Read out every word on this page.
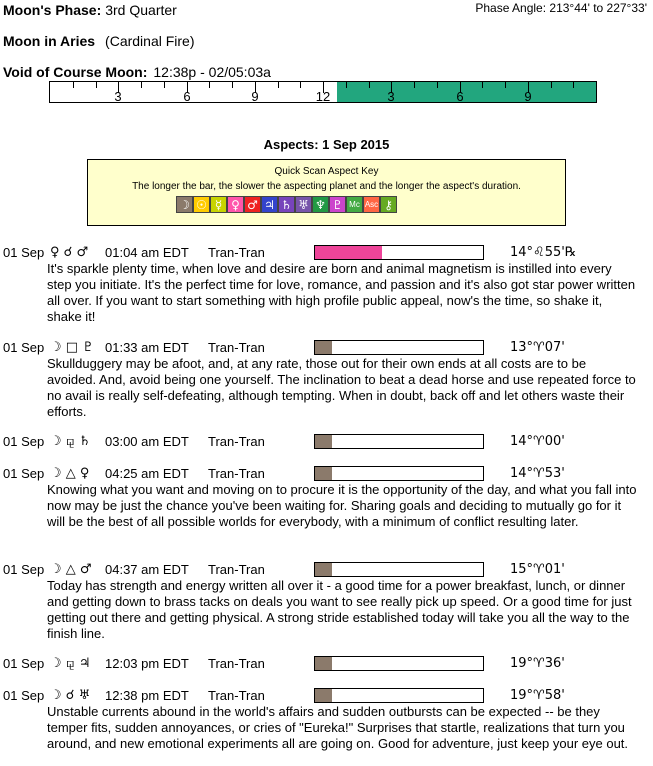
Moon's Phase: 3rd Quarter	Phase Angle: 213°44' to 227°33'
Moon in Aries (Cardinal Fire)
Void of Course Moon: 12:38p - 02/05:03a
3	6	9	12	3	6	9
Aspects: 1 Sep 2015
Quick Scan Aspect Key
The longer the bar, the slower the aspecting planet and the longer the aspect's duration.
☽ ☉ ☿ ♀ ♂ ♃ ♄ ♅ ♆ ♇ Mc Asc ⚷
01 Sep ♀ ☌ ♂ 01:04 am EDT Tran-Tran	14°♌55'℞
It's sparkle plenty time, when love and desire are born and animal magnetism is instilled into every step you initiate. It's the perfect time for love, romance, and passion and it's also got star power written all over. If you want to start something with high profile public appeal, now's the time, so shake it, shake it!
01 Sep ☽ □ ♇ 01:33 am EDT Tran-Tran	13°♈07'
Skullduggery may be afoot, and, at any rate, those out for their own ends at all costs are to be avoided. And, avoid being one yourself. The inclination to beat a dead horse and use repeated force to no avail is really self-defeating, although tempting. When in doubt, back off and let others waste their efforts.
01 Sep ☽ ⚼ ♄ 03:00 am EDT Tran-Tran	14°♈00'
01 Sep ☽ △ ♀ 04:25 am EDT Tran-Tran	14°♈53'
Knowing what you want and moving on to procure it is the opportunity of the day, and what you fall into now may be just the chance you've been waiting for. Sharing goals and deciding to mutually go for it will be the best of all possible worlds for everybody, with a minimum of conflict resulting later.
01 Sep ☽ △ ♂ 04:37 am EDT Tran-Tran	15°♈01'
Today has strength and energy written all over it - a good time for a power breakfast, lunch, or dinner and getting down to brass tacks on deals you want to see really pick up speed. Or a good time for just getting out there and getting physical. A strong stride established today will take you all the way to the finish line.
01 Sep ☽ ⚼ ♃ 12:03 pm EDT Tran-Tran	19°♈36'
01 Sep ☽ ☌ ♅ 12:38 pm EDT Tran-Tran	19°♈58'
Unstable currents abound in the world's affairs and sudden outbursts can be expected -- be they temper fits, sudden annoyances, or cries of "Eureka!" Surprises that startle, realizations that turn you around, and new emotional experiments all are going on. Good for adventure, just keep your eye out.
